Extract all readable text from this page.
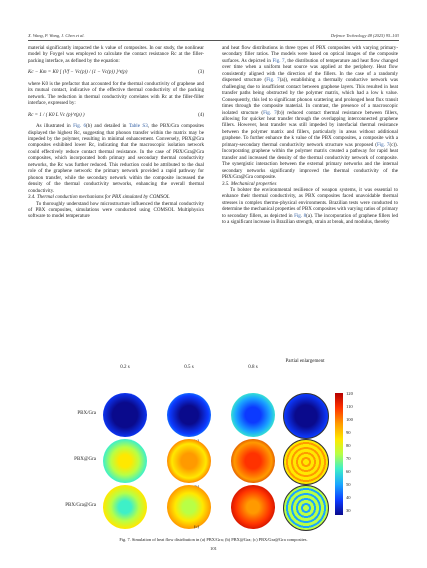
X. Wang, P. Wang, J. Chen et al.	Defence Technology 48 (2025) 95–103

material significantly impacted the k value of composites. In our study, the nonlinear model by Foygel was employed to calculate the contact resistance Rc at the filler-packing interface, as defined by the equation:

Kc − Km = K0 [ (Vf − Vc(p)) / (1 − Vc(p)) ]^t(p)	(3)

where K0 is the prefactor that accounted for the thermal conductivity of graphene and its mutual contact, indicative of the effective thermal conductivity of the packing network. The reduction in thermal conductivity correlates with Rc at the filler-filler interface, expressed by:

Rc = 1 / ( K0 L Vc (p)^t(p) )	(4)

As illustrated in Fig. 6(b) and detailed in Table S3, the PBX/Gra composites displayed the highest Rc, suggesting that phonon transfer within the matrix may be impeded by the polymer, resulting in minimal enhancement. Conversely, PBX@Gra composites exhibited lower Rc, indicating that the macroscopic isolation network could effectively reduce contact thermal resistance. In the case of PBX/Gra@Gra composites, which incorporated both primary and secondary thermal conductivity networks, the Rc was further reduced. This reduction could be attributed to the dual role of the graphene network: the primary network provided a rapid pathway for phonon transfer, while the secondary network within the composite increased the density of the thermal conductivity networks, enhancing the overall thermal conductivity.

3.4. Thermal conduction mechanisms for PBX simulated by COMSOL

To thoroughly understand how microstructure influenced the thermal conductivity of PBX composites, simulations were conducted using COMSOL Multiphysics software to model temperature

and heat flow distributions in three types of PBX composites with varying primary-secondary filler ratios. The models were based on optical images of the composite surfaces. As depicted in Fig. 7, the distribution of temperature and heat flow changed over time when a uniform heat source was applied at the periphery. Heat flow consistently aligned with the direction of the fillers. In the case of a randomly dispersed structure (Fig. 7(a)), establishing a thermally conductive network was challenging due to insufficient contact between graphene layers. This resulted in heat transfer paths being obstructed by the polymer matrix, which had a low k value. Consequently, this led to significant phonon scattering and prolonged heat flux transit times through the composite material. In contrast, the presence of a macroscopic isolated structure (Fig. 7(b)) reduced contact thermal resistance between fillers, allowing for quicker heat transfer through the overlapping interconnected graphene fillers. However, heat transfer was still impeded by interfacial thermal resistance between the polymer matrix and fillers, particularly in areas without additional graphene. To further enhance the k value of the PBX composites, a composite with a primary-secondary thermal conductivity network structure was proposed (Fig. 7(c)). Incorporating graphene within the polymer matrix created a pathway for rapid heat transfer and increased the density of the thermal conductivity network of composite. The synergistic interaction between the external primary networks and the internal secondary networks significantly improved the thermal conductivity of the PBX/Gra@Gra composite.

3.5. Mechanical properties

To bolster the environmental resilience of weapon systems, it was essential to enhance their thermal conductivity, as PBX composites faced unavoidable thermal stresses in complex thermo-physical environments. Brazilian tests were conducted to determine the mechanical properties of PBX composites with varying ratios of primary to secondary fillers, as depicted in Fig. 8(a). The incorporation of graphene fillers led to a significant increase in Brazilian strength, strain at break, and modulus, thereby

0.2 s	0.5 s	0.8 s
Partial enlargement
PBX/Gra
PBX@Gra
PBX/Gra@Gra
(c)
120
110
100
90
80
70
60
50
40
30
Fig. 7. Simulation of heat flow distribution in (a) PBX/Gra; (b) PBX@Gra; (c) PBX/Gra@Gra composites.
101
